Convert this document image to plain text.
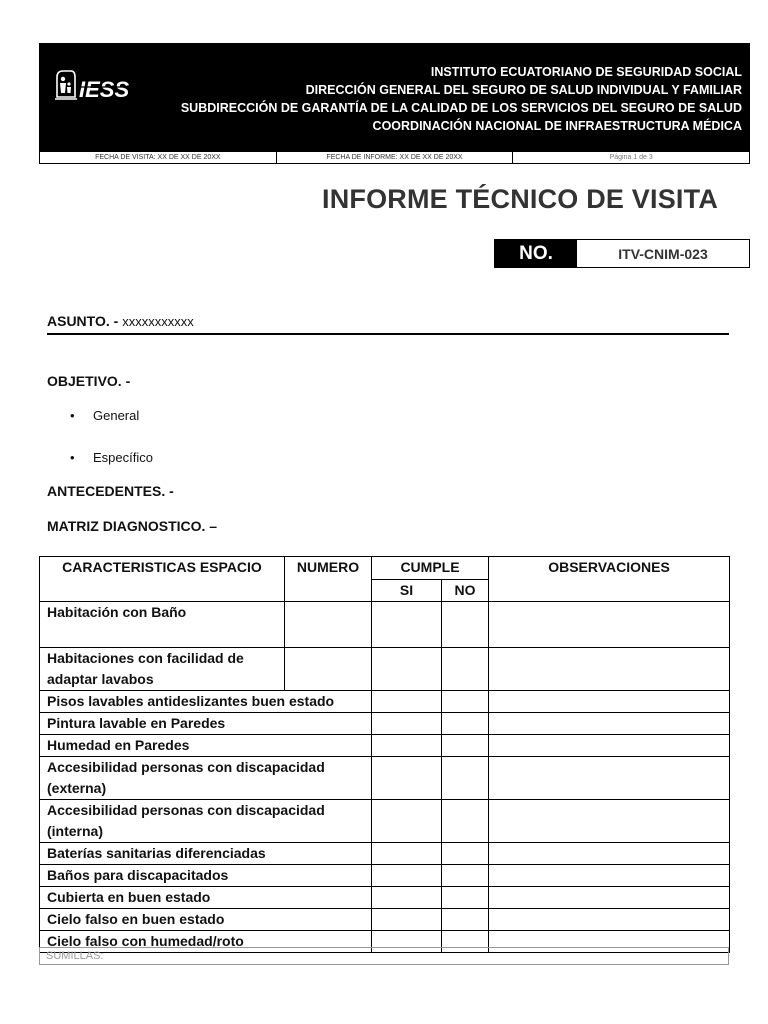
IESS
INSTITUTO ECUATORIANO DE SEGURIDAD SOCIAL
DIRECCIÓN GENERAL DEL SEGURO DE SALUD INDIVIDUAL Y FAMILIAR
SUBDIRECCIÓN DE GARANTÍA DE LA CALIDAD DE LOS SERVICIOS DEL SEGURO DE SALUD
COORDINACIÓN NACIONAL DE INFRAESTRUCTURA MÉDICA
FECHA DE VISITA: XX DE XX DE 20XX	FECHA DE INFORME: XX DE XX DE 20XX	Página 1 de 3
INFORME TÉCNICO DE VISITA
NO.	ITV-CNIM-023
ASUNTO. - xxxxxxxxxxx
OBJETIVO. -
• General
• Específico
ANTECEDENTES. -
MATRIZ DIAGNOSTICO. –
CARACTERISTICAS ESPACIO	NUMERO	CUMPLE		OBSERVACIONES
		SI	NO	
Habitación con Baño				
Habitaciones con facilidad de adaptar lavabos				
Pisos lavables antideslizantes buen estado				
Pintura lavable en Paredes				
Humedad en Paredes				
Accesibilidad personas con discapacidad (externa)				
Accesibilidad personas con discapacidad (interna)				
Baterías sanitarias diferenciadas				
Baños para discapacitados				
Cubierta en buen estado				
Cielo falso en buen estado				
Cielo falso con humedad/roto				
SUMILLAS:
